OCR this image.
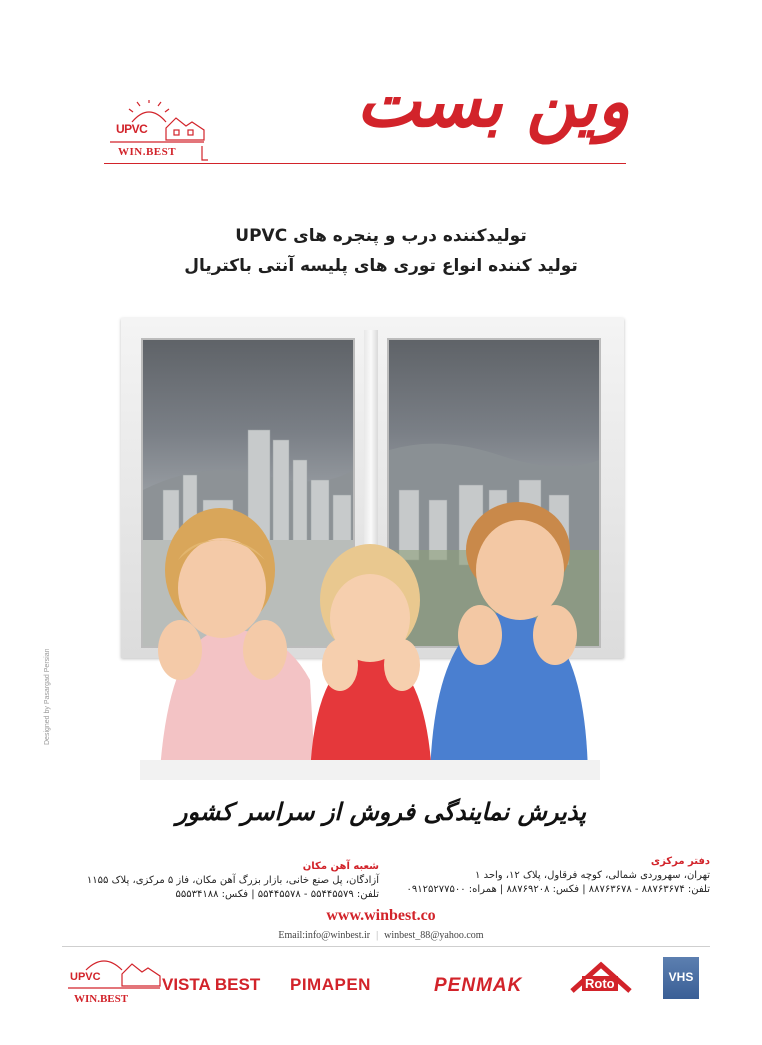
UPVC
WIN.BEST
وین بست
تولیدکننده درب و پنجره های UPVC
تولید کننده انواع توری های پلیسه آنتی باکتریال
Designed by Pasargad Persian
پذیرش نمایندگی فروش از سراسر کشور
دفتر مرکزی
تهران، سهروردی شمالی، کوچه فرقاول، پلاک ۱۲، واحد ۱
تلفن: ۸۸۷۶۳۶۷۴ - ۸۸۷۶۳۶۷۸ | فکس: ۸۸۷۶۹۲۰۸ | همراه: ۰۹۱۲۵۲۷۷۵۰۰
شعبه آهن مکان
آزادگان، پل صنع خانی، بازار بزرگ آهن مکان، فاز ۵ مرکزی، پلاک ۱۱۵۵
تلفن: ۵۵۴۴۵۵۷۹ - ۵۵۴۴۵۵۷۸ | فکس: ۵۵۵۳۴۱۸۸
www.winbest.co
Email:info@winbest.ir | winbest_88@yahoo.com
UPVC
WIN.BEST
VISTA BEST PIMAPEN	PENMAK	Roto	VHS
